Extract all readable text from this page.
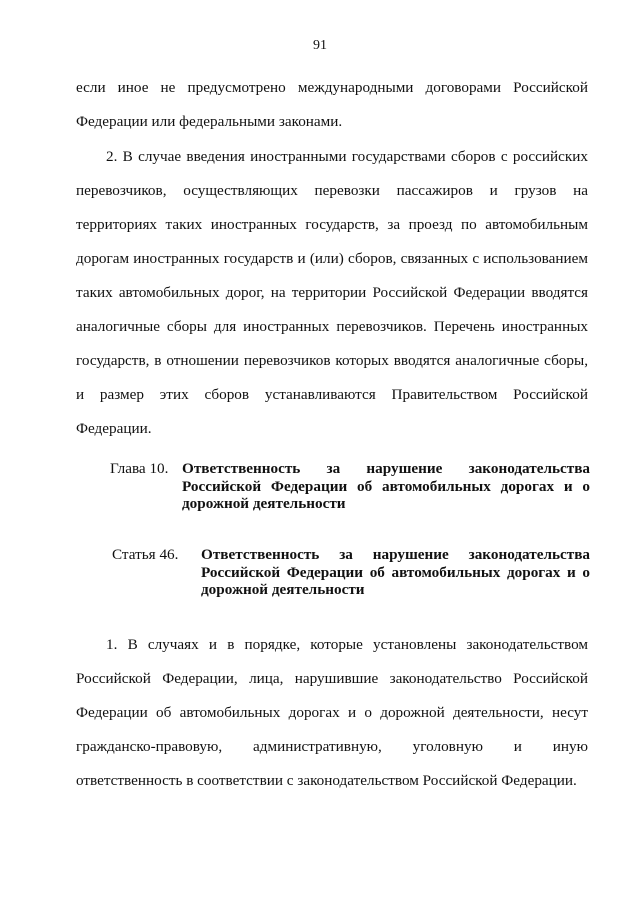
91
если иное не предусмотрено международными договорами Российской Федерации или федеральными законами.
2. В случае введения иностранными государствами сборов с российских перевозчиков, осуществляющих перевозки пассажиров и грузов на территориях таких иностранных государств, за проезд по автомобильным дорогам иностранных государств и (или) сборов, связанных с использованием таких автомобильных дорог, на территории Российской Федерации вводятся аналогичные сборы для иностранных перевозчиков. Перечень иностранных государств, в отношении перевозчиков которых вводятся аналогичные сборы, и размер этих сборов устанавливаются Правительством Российской Федерации.
Глава 10. Ответственность за нарушение законодательства Российской Федерации об автомобильных дорогах и о дорожной деятельности
Статья 46. Ответственность за нарушение законодательства Российской Федерации об автомобильных дорогах и о дорожной деятельности
1. В случаях и в порядке, которые установлены законодательством Российской Федерации, лица, нарушившие законодательство Российской Федерации об автомобильных дорогах и о дорожной деятельности, несут гражданско-правовую, административную, уголовную и иную ответственность в соответствии с законодательством Российской Федерации.
